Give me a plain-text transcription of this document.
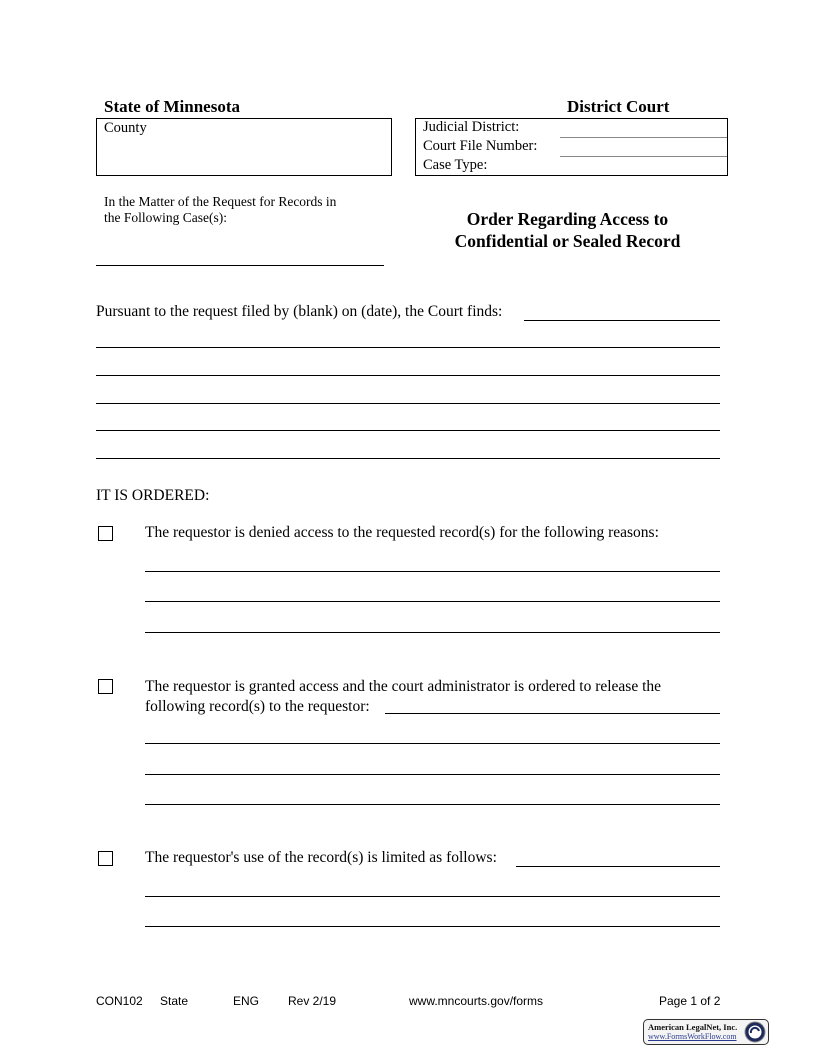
State of Minnesota	District Court
County	Judicial District:
Court File Number:
Case Type:
In the Matter of the Request for Records in
the Following Case(s):	Order Regarding Access to
Confidential or Sealed Record
Pursuant to the request filed by (blank) on (date), the Court finds:
IT IS ORDERED:
The requestor is denied access to the requested record(s) for the following reasons:
The requestor is granted access and the court administrator is ordered to release the
following record(s) to the requestor:
The requestor's use of the record(s) is limited as follows:
CON102 State	ENG Rev 2/19	www.mncourts.gov/forms	Page 1 of 2
American LegalNet, Inc.
www.FormsWorkFlow.com
